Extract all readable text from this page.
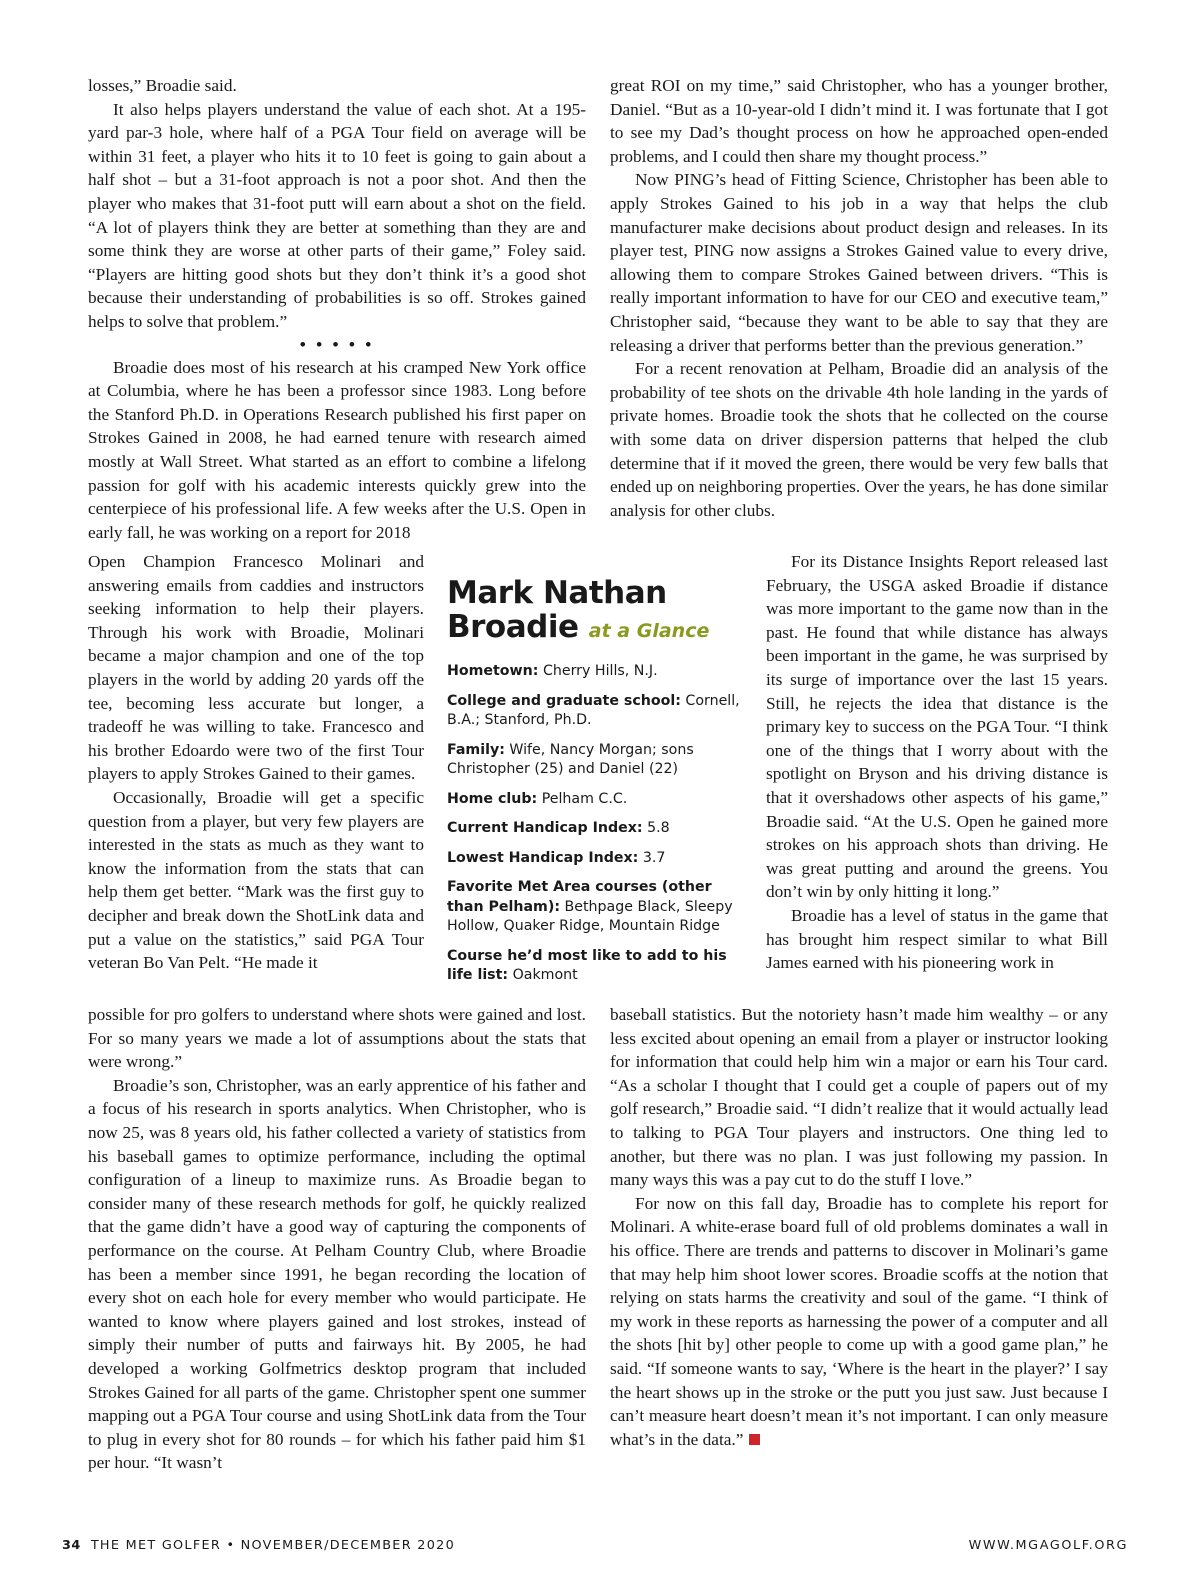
losses,” Broadie said.

It also helps players understand the value of each shot. At a 195-yard par-3 hole, where half of a PGA Tour field on average will be within 31 feet, a player who hits it to 10 feet is going to gain about a half shot – but a 31-foot approach is not a poor shot. And then the player who makes that 31-foot putt will earn about a shot on the field. “A lot of players think they are better at something than they are and some think they are worse at other parts of their game,” Foley said. “Players are hitting good shots but they don’t think it’s a good shot because their understanding of probabilities is so off. Strokes gained helps to solve that problem.”

• • • • •

Broadie does most of his research at his cramped New York office at Columbia, where he has been a professor since 1983. Long before the Stanford Ph.D. in Operations Research published his first paper on Strokes Gained in 2008, he had earned tenure with research aimed mostly at Wall Street. What started as an effort to combine a lifelong passion for golf with his academic interests quickly grew into the centerpiece of his professional life. A few weeks after the U.S. Open in early fall, he was working on a report for 2018

Open Champion Francesco Molinari and answering emails from caddies and instructors seeking information to help their players. Through his work with Broadie, Molinari became a major champion and one of the top players in the world by adding 20 yards off the tee, becoming less accurate but longer, a tradeoff he was willing to take. Francesco and his brother Edoardo were two of the first Tour players to apply Strokes Gained to their games.

Occasionally, Broadie will get a specific question from a player, but very few players are interested in the stats as much as they want to know the information from the stats that can help them get better. “Mark was the first guy to decipher and break down the ShotLink data and put a value on the statistics,” said PGA Tour veteran Bo Van Pelt. “He made it

possible for pro golfers to understand where shots were gained and lost. For so many years we made a lot of assumptions about the stats that were wrong.”

Broadie’s son, Christopher, was an early apprentice of his father and a focus of his research in sports analytics. When Christopher, who is now 25, was 8 years old, his father collected a variety of statistics from his baseball games to optimize performance, including the optimal configuration of a lineup to maximize runs. As Broadie began to consider many of these research methods for golf, he quickly realized that the game didn’t have a good way of capturing the components of performance on the course. At Pelham Country Club, where Broadie has been a member since 1991, he began recording the location of every shot on each hole for every member who would participate. He wanted to know where players gained and lost strokes, instead of simply their number of putts and fairways hit. By 2005, he had developed a working Golfmetrics desktop program that included Strokes Gained for all parts of the game. Christopher spent one summer mapping out a PGA Tour course and using ShotLink data from the Tour to plug in every shot for 80 rounds – for which his father paid him $1 per hour. “It wasn’t

great ROI on my time,” said Christopher, who has a younger brother, Daniel. “But as a 10-year-old I didn’t mind it. I was fortunate that I got to see my Dad’s thought process on how he approached open-ended problems, and I could then share my thought process.”

Now PING’s head of Fitting Science, Christopher has been able to apply Strokes Gained to his job in a way that helps the club manufacturer make decisions about product design and releases. In its player test, PING now assigns a Strokes Gained value to every drive, allowing them to compare Strokes Gained between drivers. “This is really important information to have for our CEO and executive team,” Christopher said, “because they want to be able to say that they are releasing a driver that performs better than the previous generation.”

For a recent renovation at Pelham, Broadie did an analysis of the probability of tee shots on the drivable 4th hole landing in the yards of private homes. Broadie took the shots that he collected on the course with some data on driver dispersion patterns that helped the club determine that if it moved the green, there would be very few balls that ended up on neighboring properties. Over the years, he has done similar analysis for other clubs.

For its Distance Insights Report released last February, the USGA asked Broadie if distance was more important to the game now than in the past. He found that while distance has always been important in the game, he was surprised by its surge of importance over the last 15 years. Still, he rejects the idea that distance is the primary key to success on the PGA Tour. “I think one of the things that I worry about with the spotlight on Bryson and his driving distance is that it overshadows other aspects of his game,” Broadie said. “At the U.S. Open he gained more strokes on his approach shots than driving. He was great putting and around the greens. You don’t win by only hitting it long.”

Broadie has a level of status in the game that has brought him respect similar to what Bill James earned with his pioneering work in

baseball statistics. But the notoriety hasn’t made him wealthy – or any less excited about opening an email from a player or instructor looking for information that could help him win a major or earn his Tour card. “As a scholar I thought that I could get a couple of papers out of my golf research,” Broadie said. “I didn’t realize that it would actually lead to talking to PGA Tour players and instructors. One thing led to another, but there was no plan. I was just following my passion. In many ways this was a pay cut to do the stuff I love.”

For now on this fall day, Broadie has to complete his report for Molinari. A white-erase board full of old problems dominates a wall in his office. There are trends and patterns to discover in Molinari’s game that may help him shoot lower scores. Broadie scoffs at the notion that relying on stats harms the creativity and soul of the game. “I think of my work in these reports as harnessing the power of a computer and all the shots [hit by] other people to come up with a good game plan,” he said. “If someone wants to say, ‘Where is the heart in the player?’ I say the heart shows up in the stroke or the putt you just saw. Just because I can’t measure heart doesn’t mean it’s not important. I can only measure what’s in the data.”

Mark Nathan
Broadie at a Glance

Hometown: Cherry Hills, N.J.

College and graduate school: Cornell, B.A.; Stanford, Ph.D.

Family: Wife, Nancy Morgan; sons Christopher (25) and Daniel (22)

Home club: Pelham C.C.

Current Handicap Index: 5.8

Lowest Handicap Index: 3.7

Favorite Met Area courses (other than Pelham): Bethpage Black, Sleepy Hollow, Quaker Ridge, Mountain Ridge

Course he’d most like to add to his life list: Oakmont

34 THE MET GOLFER • NOVEMBER/DECEMBER 2020	WWW.MGAGOLF.ORG
